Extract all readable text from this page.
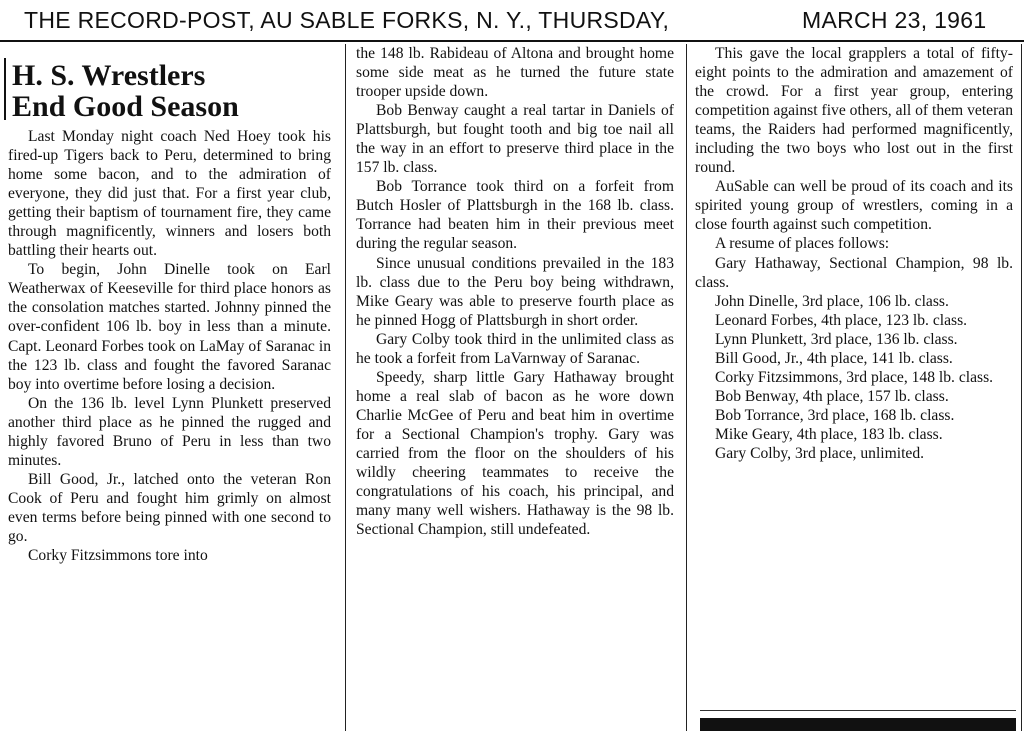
THE RECORD-POST, AU SABLE FORKS, N. Y., THURSDAY,	MARCH 23, 1961
H. S. Wrestlers
End Good Season

Last Monday night coach Ned Hoey took his fired-up Tigers back to Peru, determined to bring home some bacon, and to the admiration of everyone, they did just that. For a first year club, getting their baptism of tournament fire, they came through magnificently, winners and losers both battling their hearts out.

To begin, John Dinelle took on Earl Weatherwax of Keeseville for third place honors as the consolation matches started. Johnny pinned the over-confident 106 lb. boy in less than a minute. Capt. Leonard Forbes took on LaMay of Saranac in the 123 lb. class and fought the favored Saranac boy into overtime before losing a decision.

On the 136 lb. level Lynn Plunkett preserved another third place as he pinned the rugged and highly favored Bruno of Peru in less than two minutes.

Bill Good, Jr., latched onto the veteran Ron Cook of Peru and fought him grimly on almost even terms before being pinned with one second to go.

Corky Fitzsimmons tore into

the 148 lb. Rabideau of Altona and brought home some side meat as he turned the future state trooper upside down.

Bob Benway caught a real tartar in Daniels of Plattsburgh, but fought tooth and big toe nail all the way in an effort to preserve third place in the 157 lb. class.

Bob Torrance took third on a forfeit from Butch Hosler of Plattsburgh in the 168 lb. class. Torrance had beaten him in their previous meet during the regular season.

Since unusual conditions prevailed in the 183 lb. class due to the Peru boy being withdrawn, Mike Geary was able to preserve fourth place as he pinned Hogg of Plattsburgh in short order.

Gary Colby took third in the unlimited class as he took a forfeit from LaVarnway of Saranac.

Speedy, sharp little Gary Hathaway brought home a real slab of bacon as he wore down Charlie McGee of Peru and beat him in overtime for a Sectional Champion's trophy. Gary was carried from the floor on the shoulders of his wildly cheering teammates to receive the congratulations of his coach, his principal, and many many well wishers. Hathaway is the 98 lb. Sectional Champion, still undefeated.

This gave the local grapplers a total of fifty-eight points to the admiration and amazement of the crowd. For a first year group, entering competition against five others, all of them veteran teams, the Raiders had performed magnificently, including the two boys who lost out in the first round.

AuSable can well be proud of its coach and its spirited young group of wrestlers, coming in a close fourth against such competition.

A resume of places follows:

Gary Hathaway, Sectional Champion, 98 lb. class.

John Dinelle, 3rd place, 106 lb. class.

Leonard Forbes, 4th place, 123 lb. class.

Lynn Plunkett, 3rd place, 136 lb. class.

Bill Good, Jr., 4th place, 141 lb. class.

Corky Fitzsimmons, 3rd place, 148 lb. class.

Bob Benway, 4th place, 157 lb. class.

Bob Torrance, 3rd place, 168 lb. class.

Mike Geary, 4th place, 183 lb. class.

Gary Colby, 3rd place, unlimited.
